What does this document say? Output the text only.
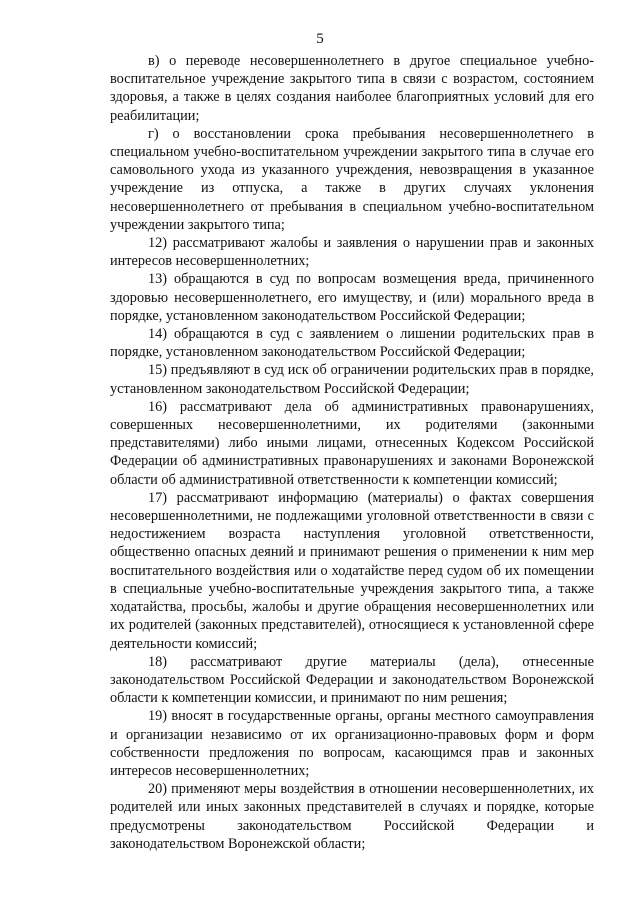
5

в) о переводе несовершеннолетнего в другое специальное учебно-воспитательное учреждение закрытого типа в связи с возрастом, состоянием здоровья, а также в целях создания наиболее благоприятных условий для его реабилитации;

г) о восстановлении срока пребывания несовершеннолетнего в специальном учебно-воспитательном учреждении закрытого типа в случае его самовольного ухода из указанного учреждения, невозвращения в указанное учреждение из отпуска, а также в других случаях уклонения несовершеннолетнего от пребывания в специальном учебно-воспитательном учреждении закрытого типа;

12) рассматривают жалобы и заявления о нарушении прав и законных интересов несовершеннолетних;

13) обращаются в суд по вопросам возмещения вреда, причиненного здоровью несовершеннолетнего, его имуществу, и (или) морального вреда в порядке, установленном законодательством Российской Федерации;

14) обращаются в суд с заявлением о лишении родительских прав в порядке, установленном законодательством Российской Федерации;

15) предъявляют в суд иск об ограничении родительских прав в порядке, установленном законодательством Российской Федерации;

16) рассматривают дела об административных правонарушениях, совершенных несовершеннолетними, их родителями (законными представителями) либо иными лицами, отнесенных Кодексом Российской Федерации об административных правонарушениях и законами Воронежской области об административной ответственности к компетенции комиссий;

17) рассматривают информацию (материалы) о фактах совершения несовершеннолетними, не подлежащими уголовной ответственности в связи с недостижением возраста наступления уголовной ответственности, общественно опасных деяний и принимают решения о применении к ним мер воспитательного воздействия или о ходатайстве перед судом об их помещении в специальные учебно-воспитательные учреждения закрытого типа, а также ходатайства, просьбы, жалобы и другие обращения несовершеннолетних или их родителей (законных представителей), относящиеся к установленной сфере деятельности комиссий;

18) рассматривают другие материалы (дела), отнесенные законодательством Российской Федерации и законодательством Воронежской области к компетенции комиссии, и принимают по ним решения;

19) вносят в государственные органы, органы местного самоуправления и организации независимо от их организационно-правовых форм и форм собственности предложения по вопросам, касающимся прав и законных интересов несовершеннолетних;

20) применяют меры воздействия в отношении несовершеннолетних, их родителей или иных законных представителей в случаях и порядке, которые предусмотрены законодательством Российской Федерации и законодательством Воронежской области;
